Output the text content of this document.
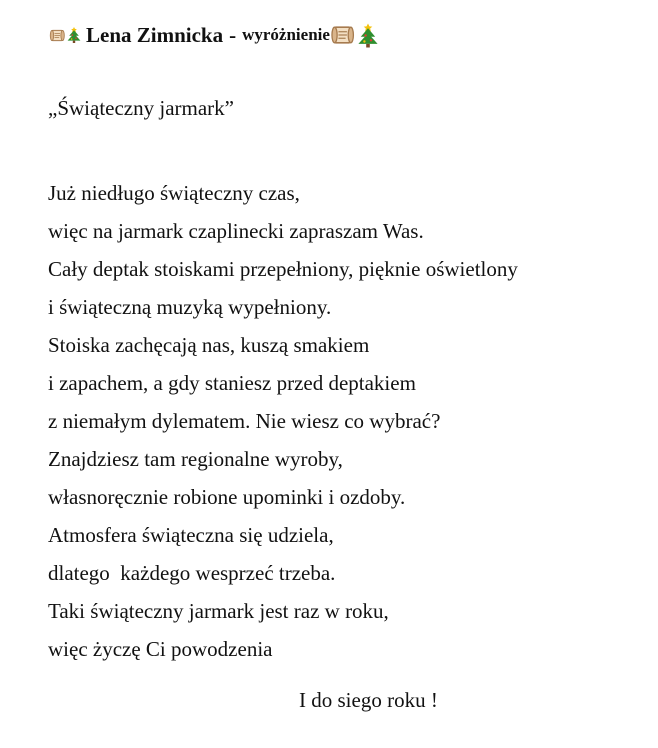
Lena Zimnicka - wyróżnienie
„Świąteczny jarmark”
Już niedługo świąteczny czas,
więc na jarmark czaplinecki zapraszam Was.
Cały deptak stoiskami przepełniony, pięknie oświetlony
i świąteczną muzyką wypełniony.
Stoiska zachęcają nas, kuszą smakiem
i zapachem, a gdy staniesz przed deptakiem
z niemałym dylematem. Nie wiesz co wybrać?
Znajdziesz tam regionalne wyroby,
własnoręcznie robione upominki i ozdoby.
Atmosfera świąteczna się udziela,
dlatego  każdego wesprzeć trzeba.
Taki świąteczny jarmark jest raz w roku,
więc życzę Ci powodzenia
I do siego roku !
